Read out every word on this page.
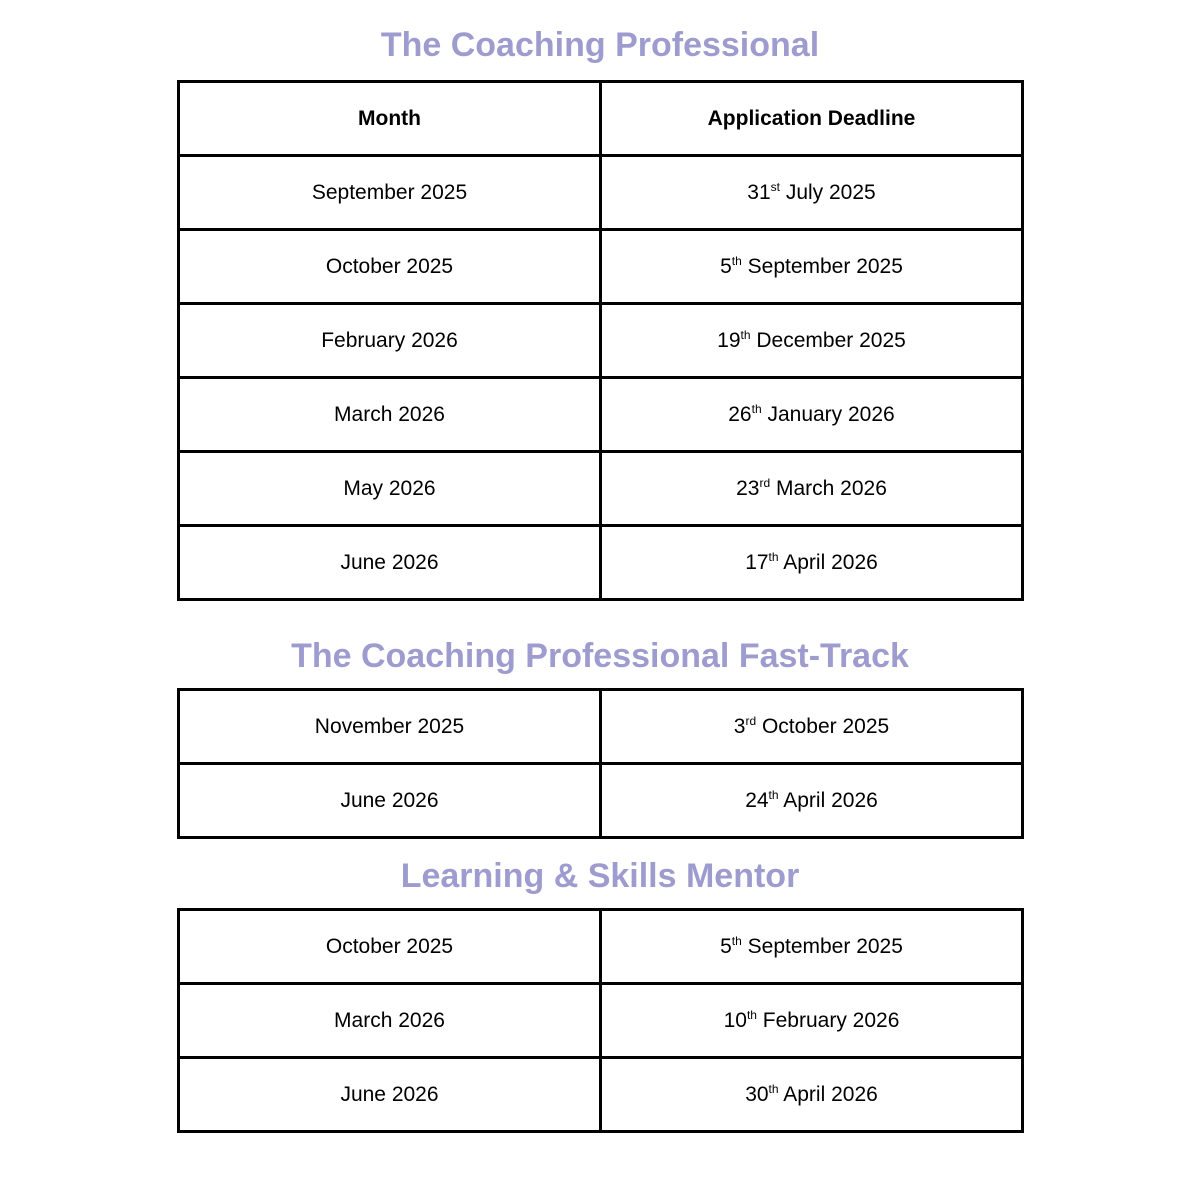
The Coaching Professional
Month	Application Deadline
September 2025	31st July 2025
October 2025	5th September 2025
February 2026	19th December 2025
March 2026	26th January 2026
May 2026	23rd March 2026
June 2026	17th April 2026
The Coaching Professional Fast-Track
November 2025	3rd October 2025
June 2026	24th April 2026
Learning & Skills Mentor
October 2025	5th September 2025
March 2026	10th February 2026
June 2026	30th April 2026
